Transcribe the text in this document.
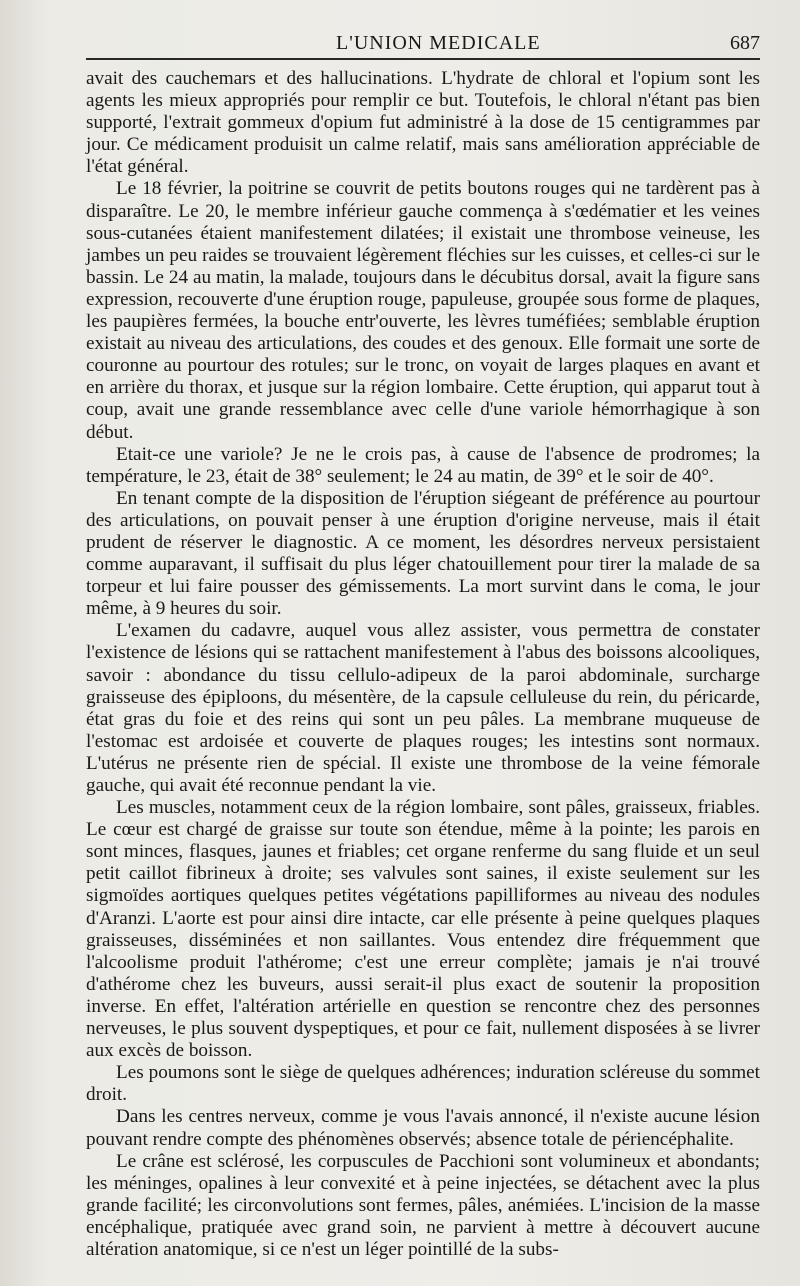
L'UNION MEDICALE	687

avait des cauchemars et des hallucinations. L'hydrate de chloral et l'opium sont les agents les mieux appropriés pour remplir ce but. Toutefois, le chloral n'étant pas bien supporté, l'extrait gommeux d'opium fut administré à la dose de 15 centigrammes par jour. Ce médicament produisit un calme relatif, mais sans amélioration appréciable de l'état général.

Le 18 février, la poitrine se couvrit de petits boutons rouges qui ne tardèrent pas à disparaître. Le 20, le membre inférieur gauche commença à s'œdématier et les veines sous-cutanées étaient manifestement dilatées; il existait une thrombose veineuse, les jambes un peu raides se trouvaient légèrement fléchies sur les cuisses, et celles-ci sur le bassin. Le 24 au matin, la malade, toujours dans le décubitus dorsal, avait la figure sans expression, recouverte d'une éruption rouge, papuleuse, groupée sous forme de plaques, les paupières fermées, la bouche entr'ouverte, les lèvres tuméfiées; semblable éruption existait au niveau des articulations, des coudes et des genoux. Elle formait une sorte de couronne au pourtour des rotules; sur le tronc, on voyait de larges plaques en avant et en arrière du thorax, et jusque sur la région lombaire. Cette éruption, qui apparut tout à coup, avait une grande ressemblance avec celle d'une variole hémorrhagique à son début.

Etait-ce une variole? Je ne le crois pas, à cause de l'absence de prodromes; la température, le 23, était de 38° seulement; le 24 au matin, de 39° et le soir de 40°.

En tenant compte de la disposition de l'éruption siégeant de préférence au pourtour des articulations, on pouvait penser à une éruption d'origine nerveuse, mais il était prudent de réserver le diagnostic. A ce moment, les désordres nerveux persistaient comme auparavant, il suffisait du plus léger chatouillement pour tirer la malade de sa torpeur et lui faire pousser des gémissements. La mort survint dans le coma, le jour même, à 9 heures du soir.

L'examen du cadavre, auquel vous allez assister, vous permettra de constater l'existence de lésions qui se rattachent manifestement à l'abus des boissons alcooliques, savoir : abondance du tissu cellulo-adipeux de la paroi abdominale, surcharge graisseuse des épiploons, du mésentère, de la capsule celluleuse du rein, du péricarde, état gras du foie et des reins qui sont un peu pâles. La membrane muqueuse de l'estomac est ardoisée et couverte de plaques rouges; les intestins sont normaux. L'utérus ne présente rien de spécial. Il existe une thrombose de la veine fémorale gauche, qui avait été reconnue pendant la vie.

Les muscles, notamment ceux de la région lombaire, sont pâles, graisseux, friables. Le cœur est chargé de graisse sur toute son étendue, même à la pointe; les parois en sont minces, flasques, jaunes et friables; cet organe renferme du sang fluide et un seul petit caillot fibrineux à droite; ses valvules sont saines, il existe seulement sur les sigmoïdes aortiques quelques petites végétations papilliformes au niveau des nodules d'Aranzi. L'aorte est pour ainsi dire intacte, car elle présente à peine quelques plaques graisseuses, disséminées et non saillantes. Vous entendez dire fréquemment que l'alcoolisme produit l'athérome; c'est une erreur complète; jamais je n'ai trouvé d'athérome chez les buveurs, aussi serait-il plus exact de soutenir la proposition inverse. En effet, l'altération artérielle en question se rencontre chez des personnes nerveuses, le plus souvent dyspeptiques, et pour ce fait, nullement disposées à se livrer aux excès de boisson.

Les poumons sont le siège de quelques adhérences; induration scléreuse du sommet droit.

Dans les centres nerveux, comme je vous l'avais annoncé, il n'existe aucune lésion pouvant rendre compte des phénomènes observés; absence totale de périencéphalite.

Le crâne est sclérosé, les corpuscules de Pacchioni sont volumineux et abondants; les méninges, opalines à leur convexité et à peine injectées, se détachent avec la plus grande facilité; les circonvolutions sont fermes, pâles, anémiées. L'incision de la masse encéphalique, pratiquée avec grand soin, ne parvient à mettre à découvert aucune altération anatomique, si ce n'est un léger pointillé de la subs-
